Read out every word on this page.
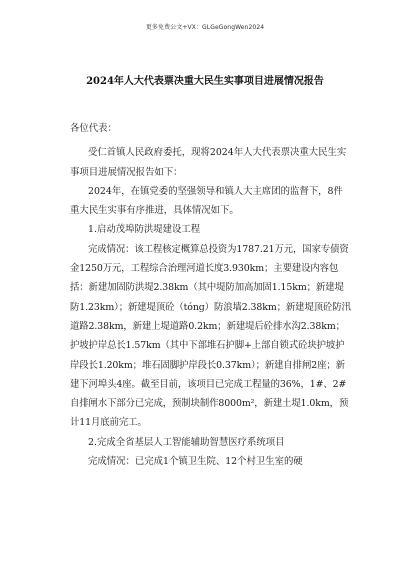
更多免费公文+VX：GLGeGongWen2024
2024年人大代表票决重大民生实事项目进展情况报告

各位代表：

受仁首镇人民政府委托，现将2024年人大代表票决重大民生实事项目进展情况报告如下：

2024年，在镇党委的坚强领导和镇人大主席团的监督下，8件重大民生实事有序推进，具体情况如下。

1.启动茂埠防洪堤建设工程

完成情况：该工程核定概算总投资为1787.21万元，国家专债资金1250万元，工程综合治理河道长度3.930km；主要建设内容包括：新建加固防洪堤2.38km（其中堤防加高加固1.15km；新建堤防1.23km）；新建堤顶砼（tóng）防浪墙2.38km；新建堤顶砼防汛道路2.38km，新建上堤道路0.2km；新建堤后砼排水沟2.38km；护坡护岸总长1.57km（其中下部堆石护脚+上部自锁式砼块护坡护岸段长1.20km；堆石固脚护岸段长0.37km）；新建自排闸2座；新建下河埠头4座。截至目前，该项目已完成工程量的36%，1#、2#自排闸水下部分已完成，预制块制作8000m²，新建土堤1.0km，预计11月底前完工。

2.完成全省基层人工智能辅助智慧医疗系统项目

完成情况：已完成1个镇卫生院、12个村卫生室的硬
